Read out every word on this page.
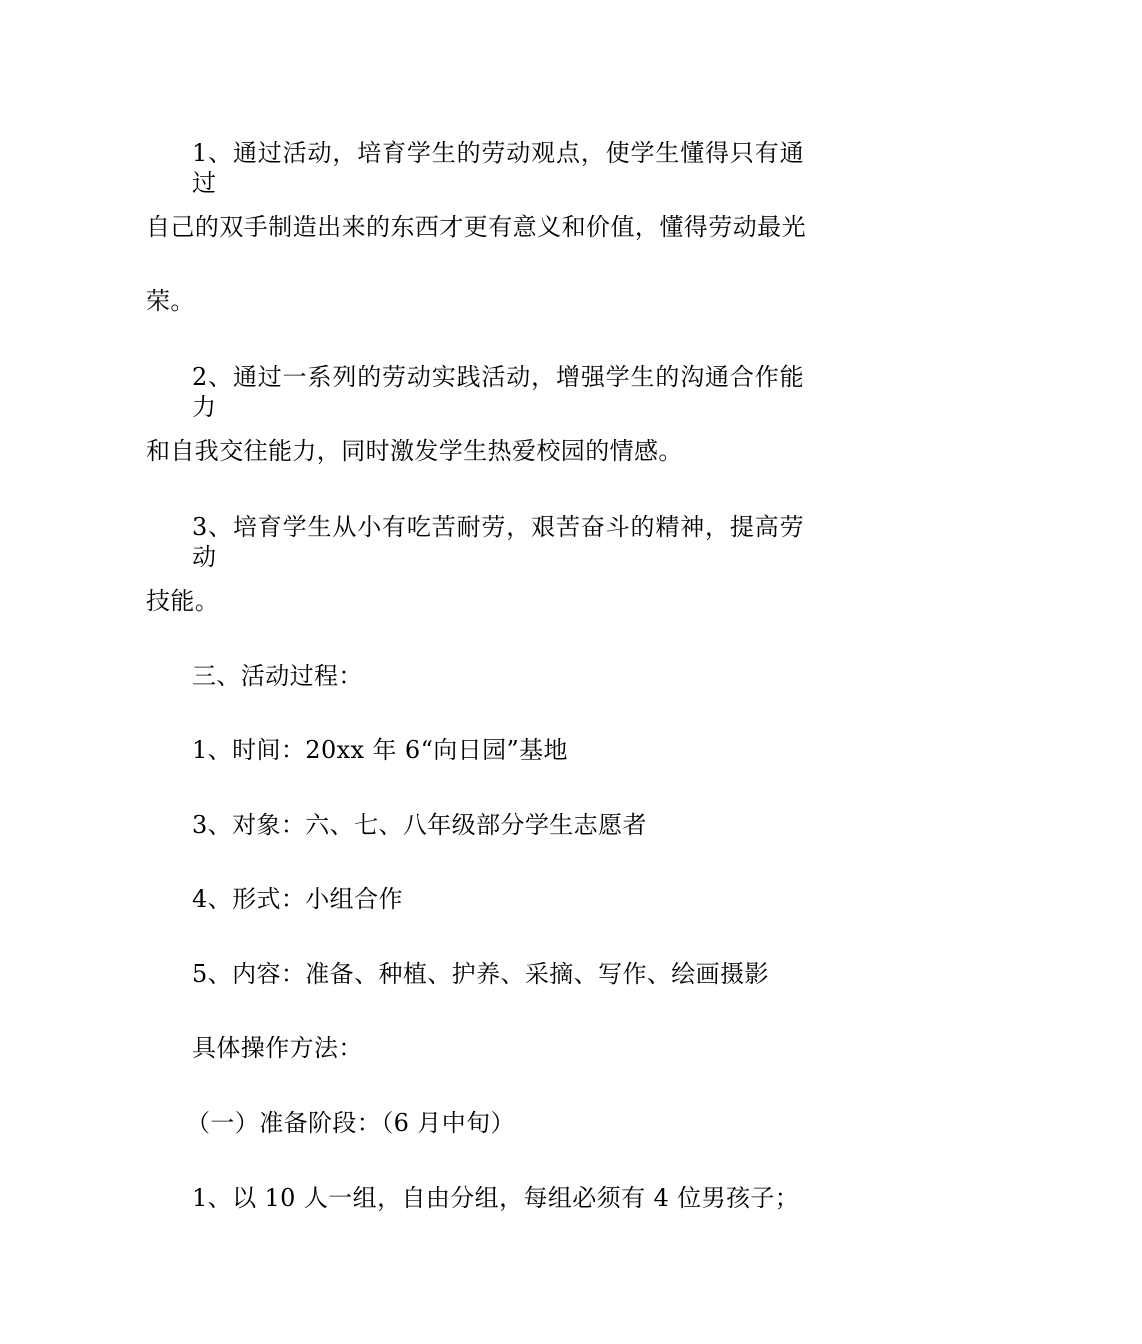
1、通过活动，培育学生的劳动观点，使学生懂得只有通过
自己的双手制造出来的东西才更有意义和价值，懂得劳动最光
荣。
2、通过一系列的劳动实践活动，增强学生的沟通合作能力
和自我交往能力，同时激发学生热爱校园的情感。
3、培育学生从小有吃苦耐劳，艰苦奋斗的精神，提高劳动
技能。
三、活动过程：
1、时间：20xx 年 6“向日园”基地
3、对象：六、七、八年级部分学生志愿者
4、形式：小组合作
5、内容：准备、种植、护养、采摘、写作、绘画摄影
具体操作方法：
（一）准备阶段：（6 月中旬）
1、以 10 人一组，自由分组，每组必须有 4 位男孩子；
